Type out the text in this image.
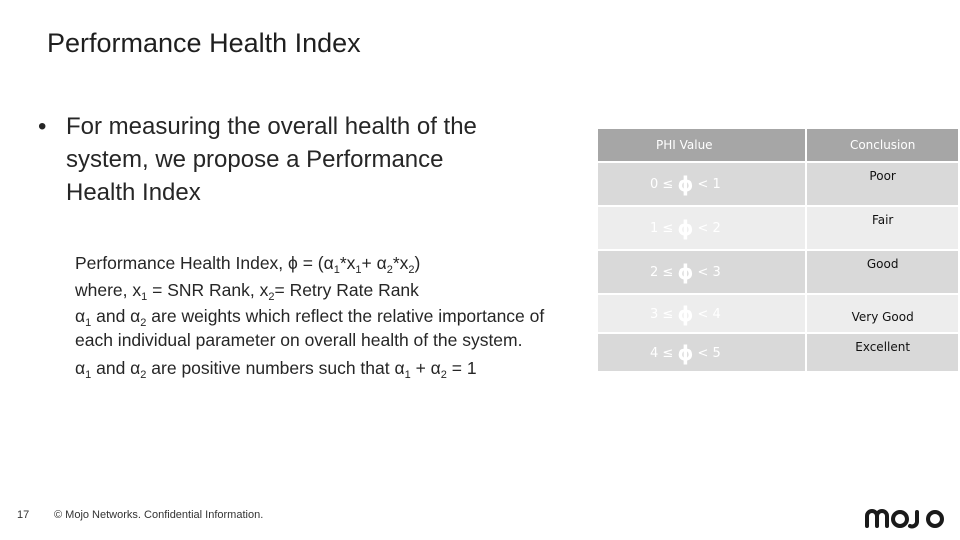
Performance Health Index
• For measuring the overall health of the system, we propose a Performance Health Index
Performance Health Index, $\phi = (\alpha_1*x_1+ \alpha_2*x_2)$
where, $x_1$ = SNR Rank, $x_2=$ Retry Rate Rank
$\alpha_1$ and $\alpha_2$ are weights which reflect the relative importance of each individual parameter on overall health of the system.
$\alpha_1$ and $\alpha_2$ are positive numbers such that $\alpha_1 + \alpha_2 = 1$
PHI Value	Conclusion
0 ≤ ϕ < 1	Poor
1 ≤ ϕ < 2	Fair
2 ≤ ϕ < 3	Good
3 ≤ ϕ < 4	Very Good
4 ≤ ϕ < 5	Excellent
17 © Mojo Networks. Confidential Information.
